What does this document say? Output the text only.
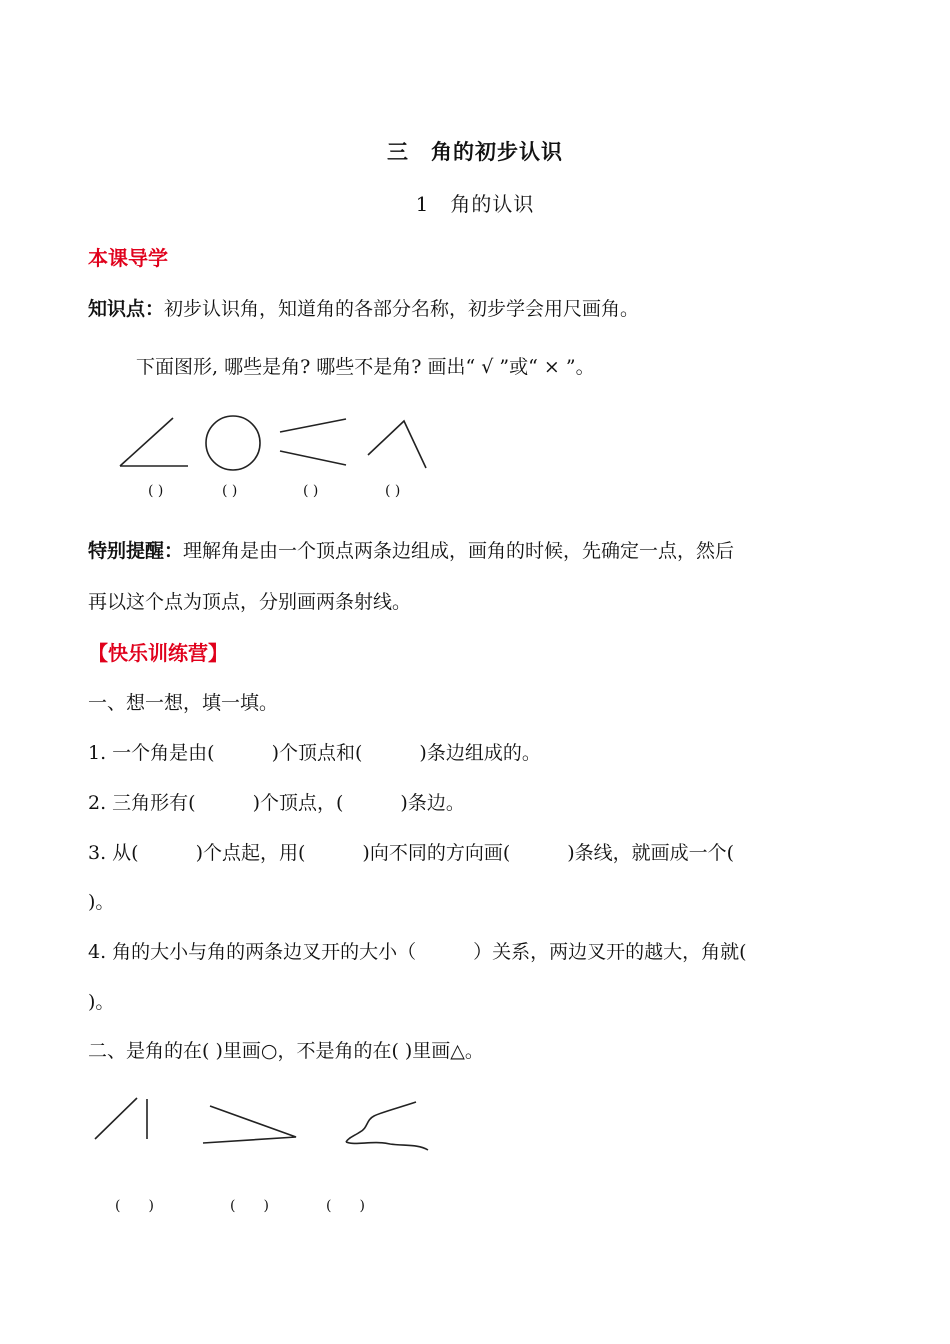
三　角的初步认识
1　角的认识
本课导学
知识点：初步认识角，知道角的各部分名称，初步学会用尺画角。
下面图形, 哪些是角? 哪些不是角? 画出“ √ ”或“ × ”。
( )	( )	( )	( )
特别提醒：理解角是由一个顶点两条边组成，画角的时候，先确定一点，然后
再以这个点为顶点，分别画两条射线。
【快乐训练营】
一、想一想，填一填。
1. 一个角是由(　　　)个顶点和(　　　)条边组成的。
2. 三角形有(　　　)个顶点，(　　　)条边。
3. 从(　　　)个点起，用(　　　)向不同的方向画(　　　)条线，就画成一个(
)。
4. 角的大小与角的两条边叉开的大小（　　　）关系，两边叉开的越大，角就(
)。
二、是角的在( )里画○，不是角的在( )里画△。
(　　)	(　　)	(　　)
